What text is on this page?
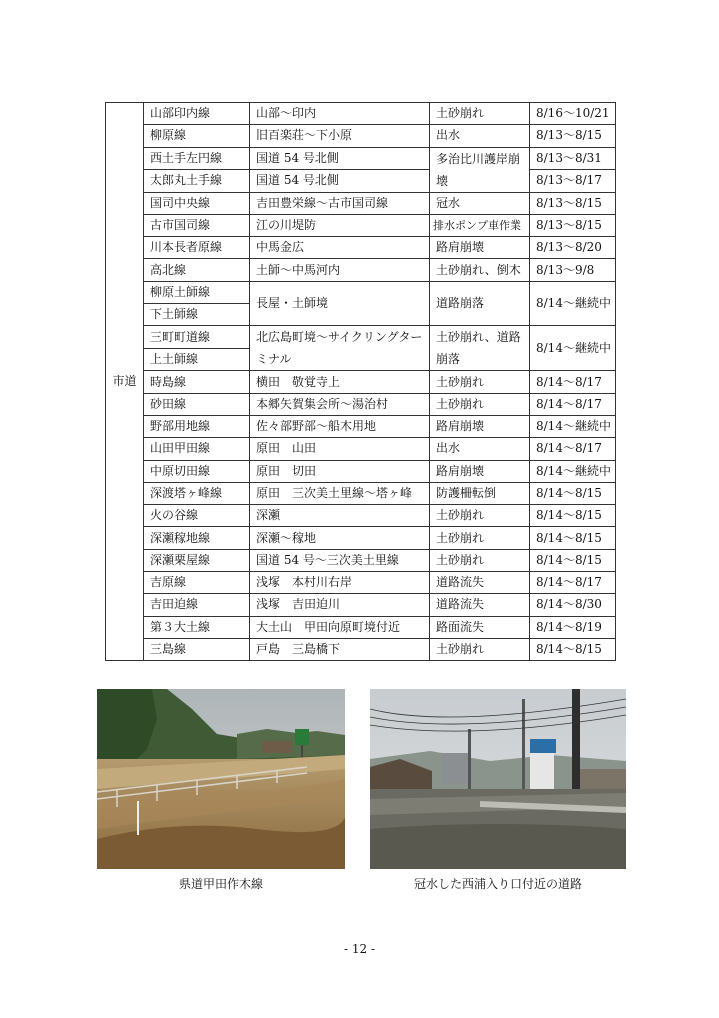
市道	山部印内線	山部～印内	土砂崩れ	8/16～10/21
	柳原線	旧百楽荘～下小原	出水	8/13～8/15
	西土手左円線	国道 54 号北側	多治比川護岸崩壊	8/13～8/31
	太郎丸土手線	国道 54 号北側		8/13～8/17
	国司中央線	吉田豊栄線～古市国司線	冠水	8/13～8/15
	古市国司線	江の川堤防	排水ポンプ車作業	8/13～8/15
	川本長者原線	中馬金広	路肩崩壊	8/13～8/20
	高北線	土師～中馬河内	土砂崩れ、倒木	8/13～9/8
	柳原土師線	長屋・土師境	道路崩落	8/14～継続中
	下土師線			
	三町町道線	北広島町境～サイクリングターミナル	土砂崩れ、道路崩落	8/14～継続中
	上土師線			
	時島線	横田　敬覚寺上	土砂崩れ	8/14～8/17
	砂田線	本郷矢賀集会所～湯治村	土砂崩れ	8/14～8/17
	野部用地線	佐々部野部～船木用地	路肩崩壊	8/14～継続中
	山田甲田線	原田　山田	出水	8/14～8/17
	中原切田線	原田　切田	路肩崩壊	8/14～継続中
	深渡塔ヶ峰線	原田　三次美土里線～塔ヶ峰	防護柵転倒	8/14～8/15
	火の谷線	深瀬	土砂崩れ	8/14～8/15
	深瀬稼地線	深瀬～稼地	土砂崩れ	8/14～8/15
	深瀬栗屋線	国道 54 号～三次美土里線	土砂崩れ	8/14～8/15
	吉原線	浅塚　本村川右岸	道路流失	8/14～8/17
	吉田迫線	浅塚　吉田迫川	道路流失	8/14～8/30
	第３大土線	大土山　甲田向原町境付近	路面流失	8/14～8/19
	三島線	戸島　三島橋下	土砂崩れ	8/14～8/15
県道甲田作木線	冠水した西浦入り口付近の道路
- 12 -
